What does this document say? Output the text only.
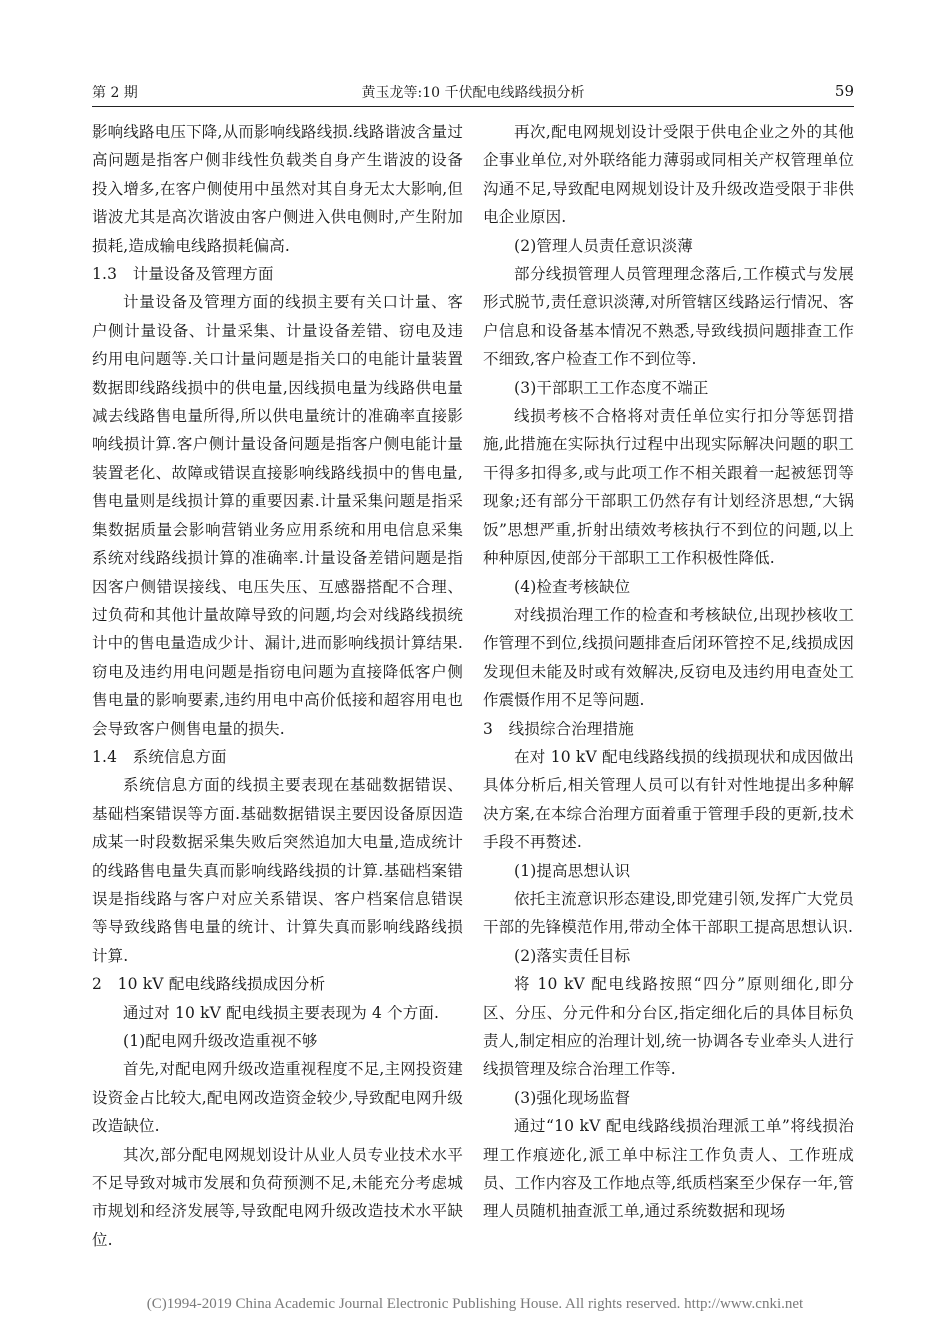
第 2 期	黄玉龙等:10 千伏配电线路线损分析	59

影响线路电压下降,从而影响线路线损.线路谐波含量过高问题是指客户侧非线性负载类自身产生谐波的设备投入增多,在客户侧使用中虽然对其自身无太大影响,但谐波尤其是高次谐波由客户侧进入供电侧时,产生附加损耗,造成输电线路损耗偏高.

1.3　计量设备及管理方面

计量设备及管理方面的线损主要有关口计量、客户侧计量设备、计量采集、计量设备差错、窃电及违约用电问题等.关口计量问题是指关口的电能计量装置数据即线路线损中的供电量,因线损电量为线路供电量减去线路售电量所得,所以供电量统计的准确率直接影响线损计算.客户侧计量设备问题是指客户侧电能计量装置老化、故障或错误直接影响线路线损中的售电量,售电量则是线损计算的重要因素.计量采集问题是指采集数据质量会影响营销业务应用系统和用电信息采集系统对线路线损计算的准确率.计量设备差错问题是指因客户侧错误接线、电压失压、互感器搭配不合理、过负荷和其他计量故障导致的问题,均会对线路线损统计中的售电量造成少计、漏计,进而影响线损计算结果.窃电及违约用电问题是指窃电问题为直接降低客户侧售电量的影响要素,违约用电中高价低接和超容用电也会导致客户侧售电量的损失.

1.4　系统信息方面

系统信息方面的线损主要表现在基础数据错误、基础档案错误等方面.基础数据错误主要因设备原因造成某一时段数据采集失败后突然追加大电量,造成统计的线路售电量失真而影响线路线损的计算.基础档案错误是指线路与客户对应关系错误、客户档案信息错误等导致线路售电量的统计、计算失真而影响线路线损计算.

2　10 kV 配电线路线损成因分析

通过对 10 kV 配电线损主要表现为 4 个方面.

(1)配电网升级改造重视不够

首先,对配电网升级改造重视程度不足,主网投资建设资金占比较大,配电网改造资金较少,导致配电网升级改造缺位.

其次,部分配电网规划设计从业人员专业技术水平不足导致对城市发展和负荷预测不足,未能充分考虑城市规划和经济发展等,导致配电网升级改造技术水平缺位.

再次,配电网规划设计受限于供电企业之外的其他企事业单位,对外联络能力薄弱或同相关产权管理单位沟通不足,导致配电网规划设计及升级改造受限于非供电企业原因.

(2)管理人员责任意识淡薄

部分线损管理人员管理理念落后,工作模式与发展形式脱节,责任意识淡薄,对所管辖区线路运行情况、客户信息和设备基本情况不熟悉,导致线损问题排查工作不细致,客户检查工作不到位等.

(3)干部职工工作态度不端正

线损考核不合格将对责任单位实行扣分等惩罚措施,此措施在实际执行过程中出现实际解决问题的职工干得多扣得多,或与此项工作不相关跟着一起被惩罚等现象;还有部分干部职工仍然存有计划经济思想,“大锅饭”思想严重,折射出绩效考核执行不到位的问题,以上种种原因,使部分干部职工工作积极性降低.

(4)检查考核缺位

对线损治理工作的检查和考核缺位,出现抄核收工作管理不到位,线损问题排查后闭环管控不足,线损成因发现但未能及时或有效解决,反窃电及违约用电查处工作震慑作用不足等问题.

3　线损综合治理措施

在对 10 kV 配电线路线损的线损现状和成因做出具体分析后,相关管理人员可以有针对性地提出多种解决方案,在本综合治理方面着重于管理手段的更新,技术手段不再赘述.

(1)提高思想认识

依托主流意识形态建设,即党建引领,发挥广大党员干部的先锋模范作用,带动全体干部职工提高思想认识.

(2)落实责任目标

将 10 kV 配电线路按照“四分”原则细化,即分区、分压、分元件和分台区,指定细化后的具体目标负责人,制定相应的治理计划,统一协调各专业牵头人进行线损管理及综合治理工作等.

(3)强化现场监督

通过“10 kV 配电线路线损治理派工单”将线损治理工作痕迹化,派工单中标注工作负责人、工作班成员、工作内容及工作地点等,纸质档案至少保存一年,管理人员随机抽查派工单,通过系统数据和现场

(C)1994-2019 China Academic Journal Electronic Publishing House. All rights reserved. http://www.cnki.net
